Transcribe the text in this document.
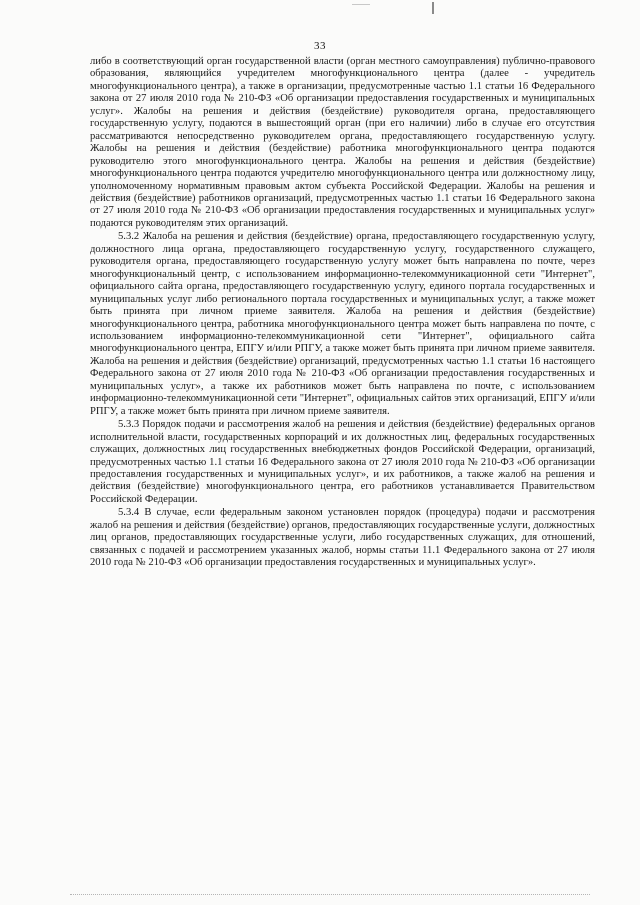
33

либо в соответствующий орган государственной власти (орган местного самоуправления) публично-правового образования, являющийся учредителем многофункционального центра (далее - учредитель многофункционального центра), а также в организации, предусмотренные частью 1.1 статьи 16 Федерального закона от 27 июля 2010 года № 210-ФЗ «Об организации предоставления государственных и муниципальных услуг». Жалобы на решения и действия (бездействие) руководителя органа, предоставляющего государственную услугу, подаются в вышестоящий орган (при его наличии) либо в случае его отсутствия рассматриваются непосредственно руководителем органа, предоставляющего государственную услугу. Жалобы на решения и действия (бездействие) работника многофункционального центра подаются руководителю этого многофункционального центра. Жалобы на решения и действия (бездействие) многофункционального центра подаются учредителю многофункционального центра или должностному лицу, уполномоченному нормативным правовым актом субъекта Российской Федерации. Жалобы на решения и действия (бездействие) работников организаций, предусмотренных частью 1.1 статьи 16 Федерального закона от 27 июля 2010 года № 210-ФЗ «Об организации предоставления государственных и муниципальных услуг» подаются руководителям этих организаций.

5.3.2 Жалоба на решения и действия (бездействие) органа, предоставляющего государственную услугу, должностного лица органа, предоставляющего государственную услугу, государственного служащего, руководителя органа, предоставляющего государственную услугу может быть направлена по почте, через многофункциональный центр, с использованием информационно-телекоммуникационной сети "Интернет", официального сайта органа, предоставляющего государственную услугу, единого портала государственных и муниципальных услуг либо регионального портала государственных и муниципальных услуг, а также может быть принята при личном приеме заявителя. Жалоба на решения и действия (бездействие) многофункционального центра, работника многофункционального центра может быть направлена по почте, с использованием информационно-телекоммуникационной сети "Интернет", официального сайта многофункционального центра, ЕПГУ и/или РПГУ, а также может быть принята при личном приеме заявителя. Жалоба на решения и действия (бездействие) организаций, предусмотренных частью 1.1 статьи 16 настоящего Федерального закона от 27 июля 2010 года № 210-ФЗ «Об организации предоставления государственных и муниципальных услуг», а также их работников может быть направлена по почте, с использованием информационно-телекоммуникационной сети "Интернет", официальных сайтов этих организаций, ЕПГУ и/или РПГУ, а также может быть принята при личном приеме заявителя.

5.3.3 Порядок подачи и рассмотрения жалоб на решения и действия (бездействие) федеральных органов исполнительной власти, государственных корпораций и их должностных лиц, федеральных государственных служащих, должностных лиц государственных внебюджетных фондов Российской Федерации, организаций, предусмотренных частью 1.1 статьи 16 Федерального закона от 27 июля 2010 года № 210-ФЗ «Об организации предоставления государственных и муниципальных услуг», и их работников, а также жалоб на решения и действия (бездействие) многофункционального центра, его работников устанавливается Правительством Российской Федерации.

5.3.4 В случае, если федеральным законом установлен порядок (процедура) подачи и рассмотрения жалоб на решения и действия (бездействие) органов, предоставляющих государственные услуги, должностных лиц органов, предоставляющих государственные услуги, либо государственных служащих, для отношений, связанных с подачей и рассмотрением указанных жалоб, нормы статьи 11.1 Федерального закона от 27 июля 2010 года № 210-ФЗ «Об организации предоставления государственных и муниципальных услуг».
